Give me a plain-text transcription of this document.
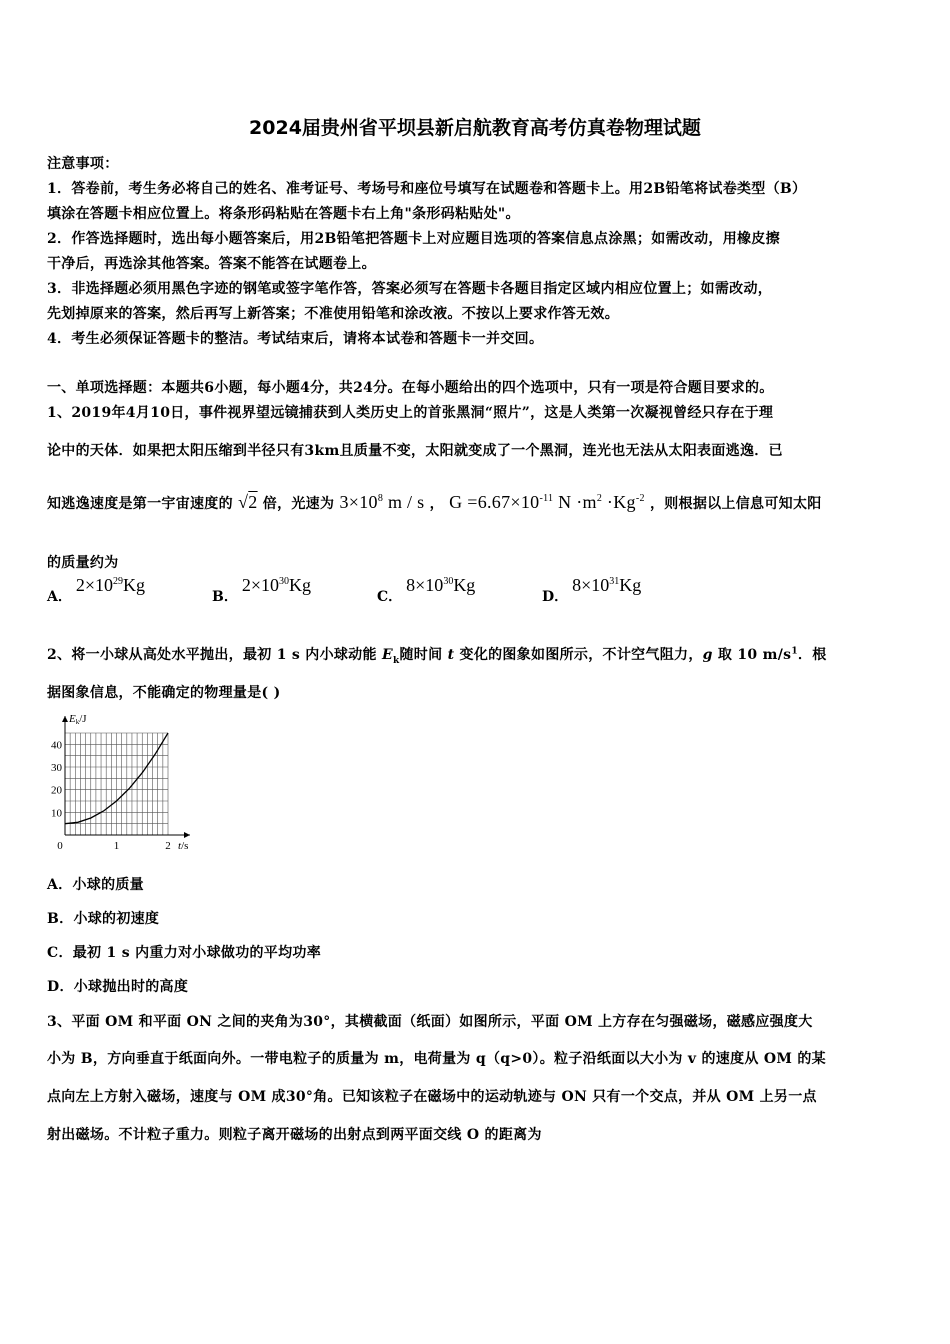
2024届贵州省平坝县新启航教育高考仿真卷物理试题
注意事项：
1．答卷前，考生务必将自己的姓名、准考证号、考场号和座位号填写在试题卷和答题卡上。用2B铅笔将试卷类型（B）
填涂在答题卡相应位置上。将条形码粘贴在答题卡右上角"条形码粘贴处"。
2．作答选择题时，选出每小题答案后，用2B铅笔把答题卡上对应题目选项的答案信息点涂黑；如需改动，用橡皮擦
干净后，再选涂其他答案。答案不能答在试题卷上。
3．非选择题必须用黑色字迹的钢笔或签字笔作答，答案必须写在答题卡各题目指定区域内相应位置上；如需改动，
先划掉原来的答案，然后再写上新答案；不准使用铅笔和涂改液。不按以上要求作答无效。
4．考生必须保证答题卡的整洁。考试结束后，请将本试卷和答题卡一并交回。
一、单项选择题：本题共6小题，每小题4分，共24分。在每小题给出的四个选项中，只有一项是符合题目要求的。
1、2019年4月10日，事件视界望远镜捕获到人类历史上的首张黑洞“照片”，这是人类第一次凝视曾经只存在于理
论中的天体．如果把太阳压缩到半径只有3km且质量不变，太阳就变成了一个黑洞，连光也无法从太阳表面逃逸．已
知逃逸速度是第一宇宙速度的 √2 倍，光速为 $3\times 10^8$ m / s ， $G =6.67\times 10^{-11}$ $N \cdot m^2 \cdot Kg^{-2}$ ，则根据以上信息可知太阳
的质量约为
A．$2\times 10^{29}Kg$
B．$2\times 10^{30}Kg$
C．$8\times 10^{30}Kg$
D．$8\times 10^{31}Kg$
2、将一小球从高处水平抛出，最初 1 s 内小球动能 $E_k$随时间 t 变化的图象如图所示，不计空气阻力，g 取 10 $m/s^1$．根
据图象信息，不能确定的物理量是( )
10
20
30
40
1	2
0
Ek/J
t/s
A．小球的质量
B．小球的初速度
C．最初 1 s 内重力对小球做功的平均功率
D．小球抛出时的高度
3、平面 OM 和平面 ON 之间的夹角为30°，其横截面（纸面）如图所示，平面 OM 上方存在匀强磁场，磁感应强度大
小为 B，方向垂直于纸面向外。一带电粒子的质量为 m，电荷量为 q（q>0）。粒子沿纸面以大小为 v 的速度从 OM 的某
点向左上方射入磁场，速度与 OM 成30°角。已知该粒子在磁场中的运动轨迹与 ON 只有一个交点，并从 OM 上另一点
射出磁场。不计粒子重力。则粒子离开磁场的出射点到两平面交线 O 的距离为
